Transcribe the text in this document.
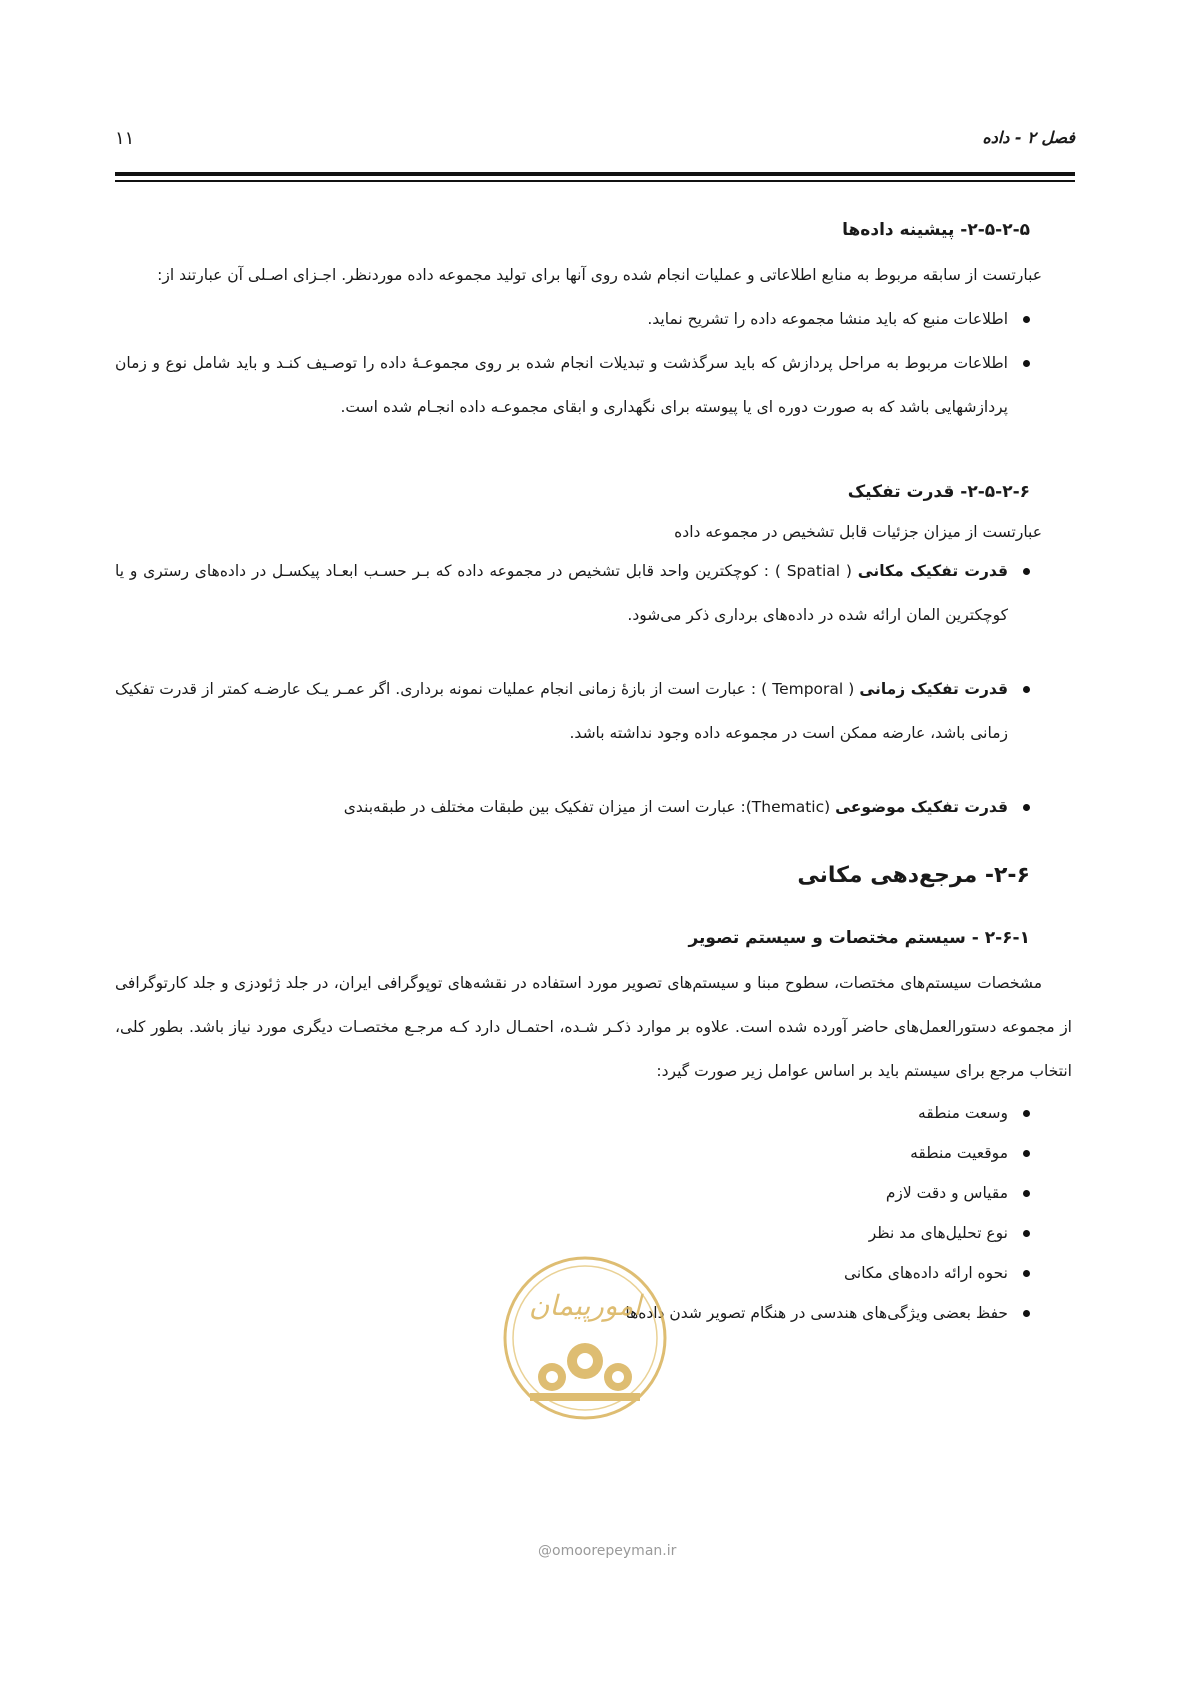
۱۱	فصل ۲ - داده
۲-۵-۲-۵- پیشینه داده‌ها

عبارتست از سابقه مربوط به منابع اطلاعاتی و عملیات انجام شده روی آنها برای تولید مجموعه داده مورد‌نظر. اجـزای اصـلی آن عبارتند از:

اطلاعات منبع که باید منشا مجموعه داده را تشریح نماید.
اطلاعات مربوط به مراحل پردازش که باید سرگذشت و تبدیلات انجام شده بر روی مجموعـۀ داده را توصـیف کنـد و باید شامل نوع و زمان پردازشهایی باشد که به صورت دوره ای یا پیوسته برای نگهداری و ابقای مجموعـه داده انجـام شده است.
۲-۵-۲-۶- قدرت تفکیک

عبارتست از میزان جزئیات قابل تشخیص در مجموعه داده

قدرت تفکیک مکانی ( Spatial ) : کوچکترین واحد قابل تشخیص در مجموعه داده که بـر حسـب ابعـاد پیکسـل در داده‌های رستری و یا کوچکترین المان ارائه شده در داده‌های برداری ذکر می‌شود.
قدرت تفکیک زمانی ( Temporal ) : عبارت است از بازۀ زمانی انجام عملیات نمونه برداری. اگر عمـر یـک عارضـه کمتر از قدرت تفکیک زمانی باشد، عارضه ممکن است در مجموعه داده وجود نداشته باشد.
قدرت تفکیک موضوعی (Thematic): عبارت است از میزان تفکیک بین طبقات مختلف در طبقه‌بندی
۲-۶- مرجع‌دهی مکانی
۲-۶-۱ - سیستم مختصات و سیستم تصویر

مشخصات سیستم‌های مختصات، سطوح مبنا و سیستم‌های تصویر مورد استفاده در نقشه‌های توپوگرافی ایران، در جلد ژئودزی و جلد کارتوگرافی از مجموعه دستورالعمل‌های حاضر آورده شده است. علاوه بر موارد ذکـر شـده، احتمـال دارد کـه مرجـع مختصـات دیگری مورد نیاز باشد. بطور کلی، انتخاب مرجع برای سیستم باید بر اساس عوامل زیر صورت گیرد:

وسعت منطقه
موقعیت منطقه
مقیاس و دقت لازم
نوع تحلیل‌های مد نظر
نحوه ارائه داده‌های مکانی
حفظ بعضی ویژگی‌های هندسی در هنگام تصویر شدن داده‌ها
امورپیمان
@omoorepeyman.ir
